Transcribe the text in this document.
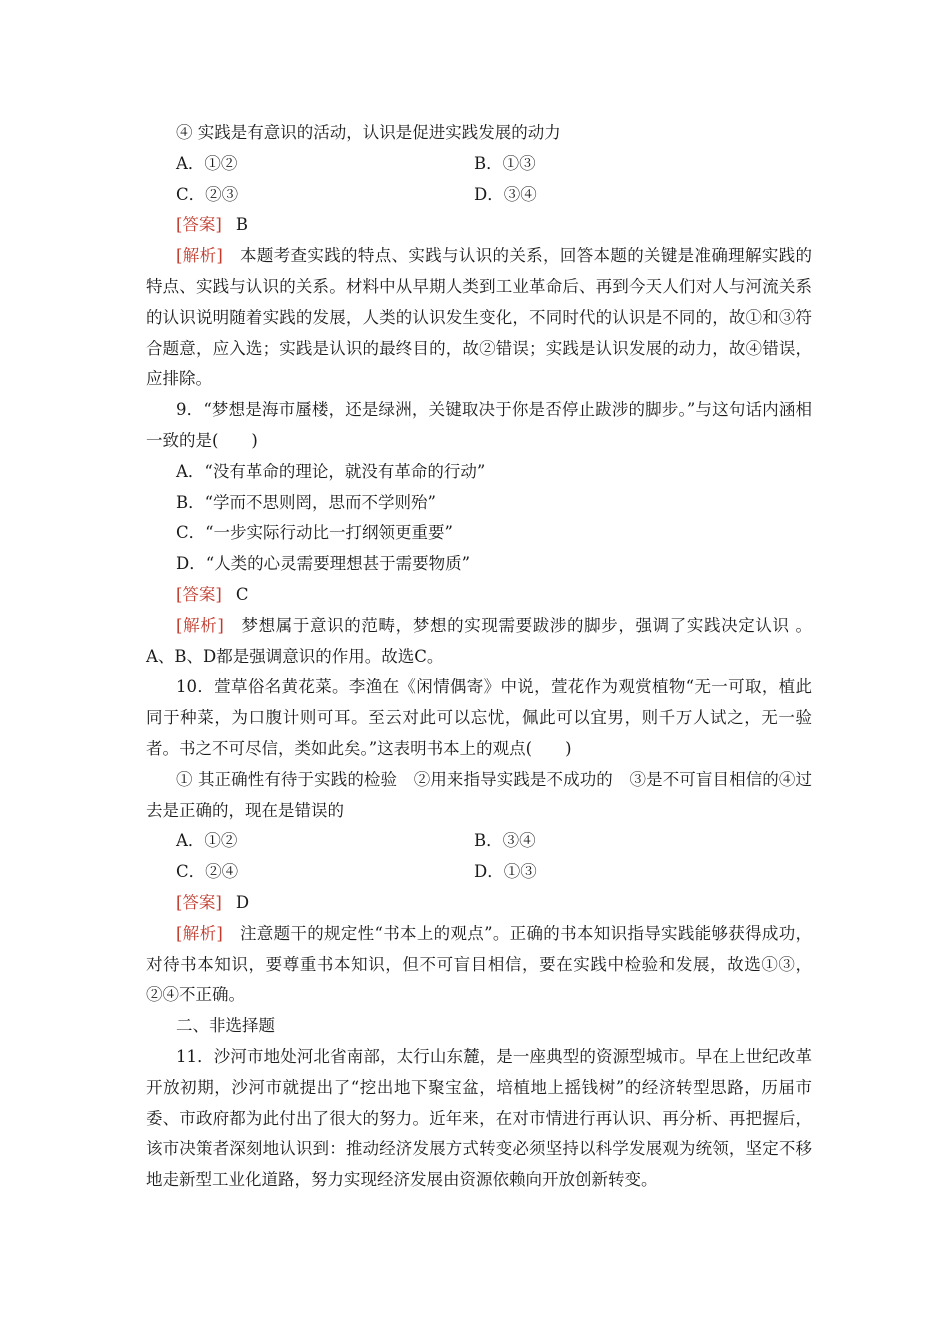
④ 实践是有意识的活动，认识是促进实践发展的动力

A．①②	B．①③
C．②③	D．③④

[答案] B

[解析]　 本题考查实践的特点、实践与认识的关系，回答本题的关键是准确理解实践的特点、实践与认识的关系。材料中从早期人类到工业革命后、再到今天人们对人与河流关系的认识说明随着实践的发展，人类的认识发生变化，不同时代的认识是不同的，故①和③符合题意，应入选；实践是认识的最终目的，故②错误；实践是认识发展的动力，故④错误，应排除。

9．“梦想是海市蜃楼，还是绿洲，关键取决于你是否停止跋涉的脚步。”与这句话内涵相一致的是(　　)

A．“没有革命的理论，就没有革命的行动”

B．“学而不思则罔，思而不学则殆”

C．“一步实际行动比一打纲领更重要”

D．“人类的心灵需要理想甚于需要物质”

[答案] C

[解析]　 梦想属于意识的范畴，梦想的实现需要跋涉的脚步，强调了实践决定认识 。A、B、D都是强调意识的作用。故选C。

10．萱草俗名黄花菜。李渔在《闲情偶寄》中说，萱花作为观赏植物“无一可取，植此同于种菜，为口腹计则可耳。至云对此可以忘忧，佩此可以宜男，则千万人试之，无一验者。书之不可尽信，类如此矣。”这表明书本上的观点(　　)

① 其正确性有待于实践的检验　②用来指导实践是不成功的　③是不可盲目相信的④过去是正确的，现在是错误的

A．①②	B．③④
C．②④	D．①③

[答案] D

[解析]　 注意题干的规定性“书本上的观点”。正确的书本知识指导实践能够获得成功，对待书本知识，要尊重书本知识，但不可盲目相信，要在实践中检验和发展，故选①③，②④不正确。

二、非选择题

11．沙河市地处河北省南部，太行山东麓，是一座典型的资源型城市。早在上世纪改革开放初期，沙河市就提出了“挖出地下聚宝盆，培植地上摇钱树”的经济转型思路，历届市委、市政府都为此付出了很大的努力。近年来，在对市情进行再认识、再分析、再把握后，该市决策者深刻地认识到：推动经济发展方式转变必须坚持以科学发展观为统领，坚定不移地走新型工业化道路，努力实现经济发展由资源依赖向开放创新转变。
